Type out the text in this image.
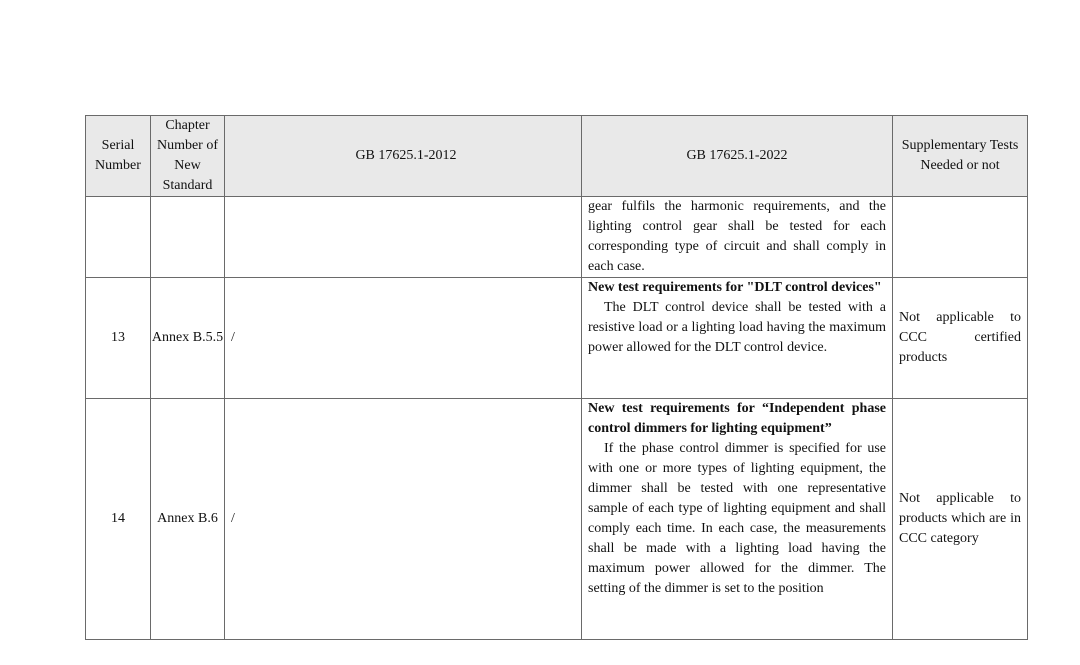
Serial Number	Chapter Number of New Standard	GB 17625.1-2012	GB 17625.1-2022	Supplementary Tests Needed or not

			gear fulfils the harmonic requirements, and the lighting control gear shall be tested for each corresponding type of circuit and shall comply in each case.	

13	Annex B.5.5	/	New test requirements for "DLT control devices"
The DLT control device shall be tested with a resistive load or a lighting load having the maximum power allowed for the DLT control device.	Not applicable to CCC certified products

14	Annex B.6	/	New test requirements for “Independent phase control dimmers for lighting equipment”
If the phase control dimmer is specified for use with one or more types of lighting equipment, the dimmer shall be tested with one representative sample of each type of lighting equipment and shall comply each time. In each case, the measurements shall be made with a lighting load having the maximum power allowed for the dimmer. The setting of the dimmer is set to the position	Not applicable to products which are in CCC category
